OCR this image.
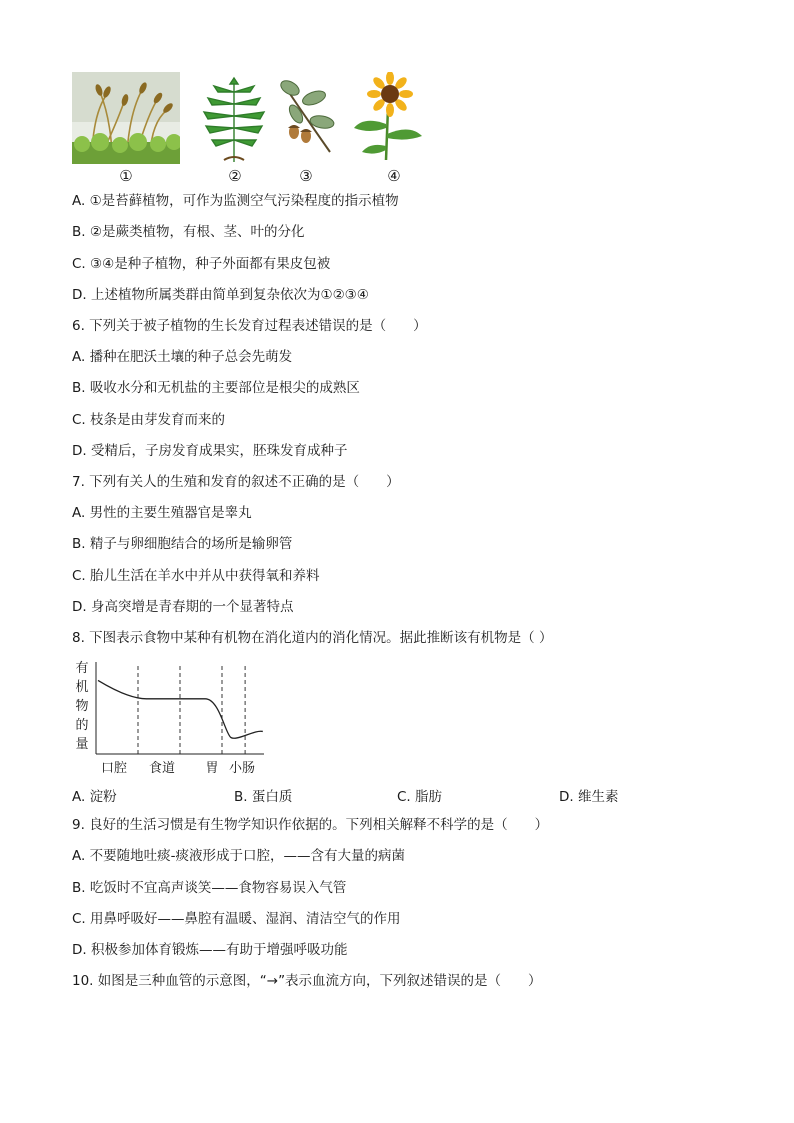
①	②	③	④
A. ①是苔藓植物，可作为监测空气污染程度的指示植物
B. ②是蕨类植物，有根、茎、叶的分化
C. ③④是种子植物，种子外面都有果皮包被
D. 上述植物所属类群由简单到复杂依次为①②③④
6. 下列关于被子植物的生长发育过程表述错误的是（　　）
A. 播种在肥沃土壤的种子总会先萌发
B. 吸收水分和无机盐的主要部位是根尖的成熟区
C. 枝条是由芽发育而来的
D. 受精后，子房发育成果实，胚珠发育成种子
7. 下列有关人的生殖和发育的叙述不正确的是（　　）
A. 男性的主要生殖器官是睾丸
B. 精子与卵细胞结合的场所是输卵管
C. 胎儿生活在羊水中并从中获得氧和养料
D. 身高突增是青春期的一个显著特点
8. 下图表示食物中某种有机物在消化道内的消化情况。据此推断该有机物是（ ）
有
机
物
的
量
口腔 食道 胃 小肠
A. 淀粉	B. 蛋白质	C. 脂肪	D. 维生素
9. 良好的生活习惯是有生物学知识作依据的。下列相关解释不科学的是（　　）
A. 不要随地吐痰-痰液形成于口腔，——含有大量的病菌
B. 吃饭时不宜高声谈笑——食物容易误入气管
C. 用鼻呼吸好——鼻腔有温暖、湿润、清洁空气的作用
D. 积极参加体育锻炼——有助于增强呼吸功能
10. 如图是三种血管的示意图，“→”表示血流方向，下列叙述错误的是（　　）
